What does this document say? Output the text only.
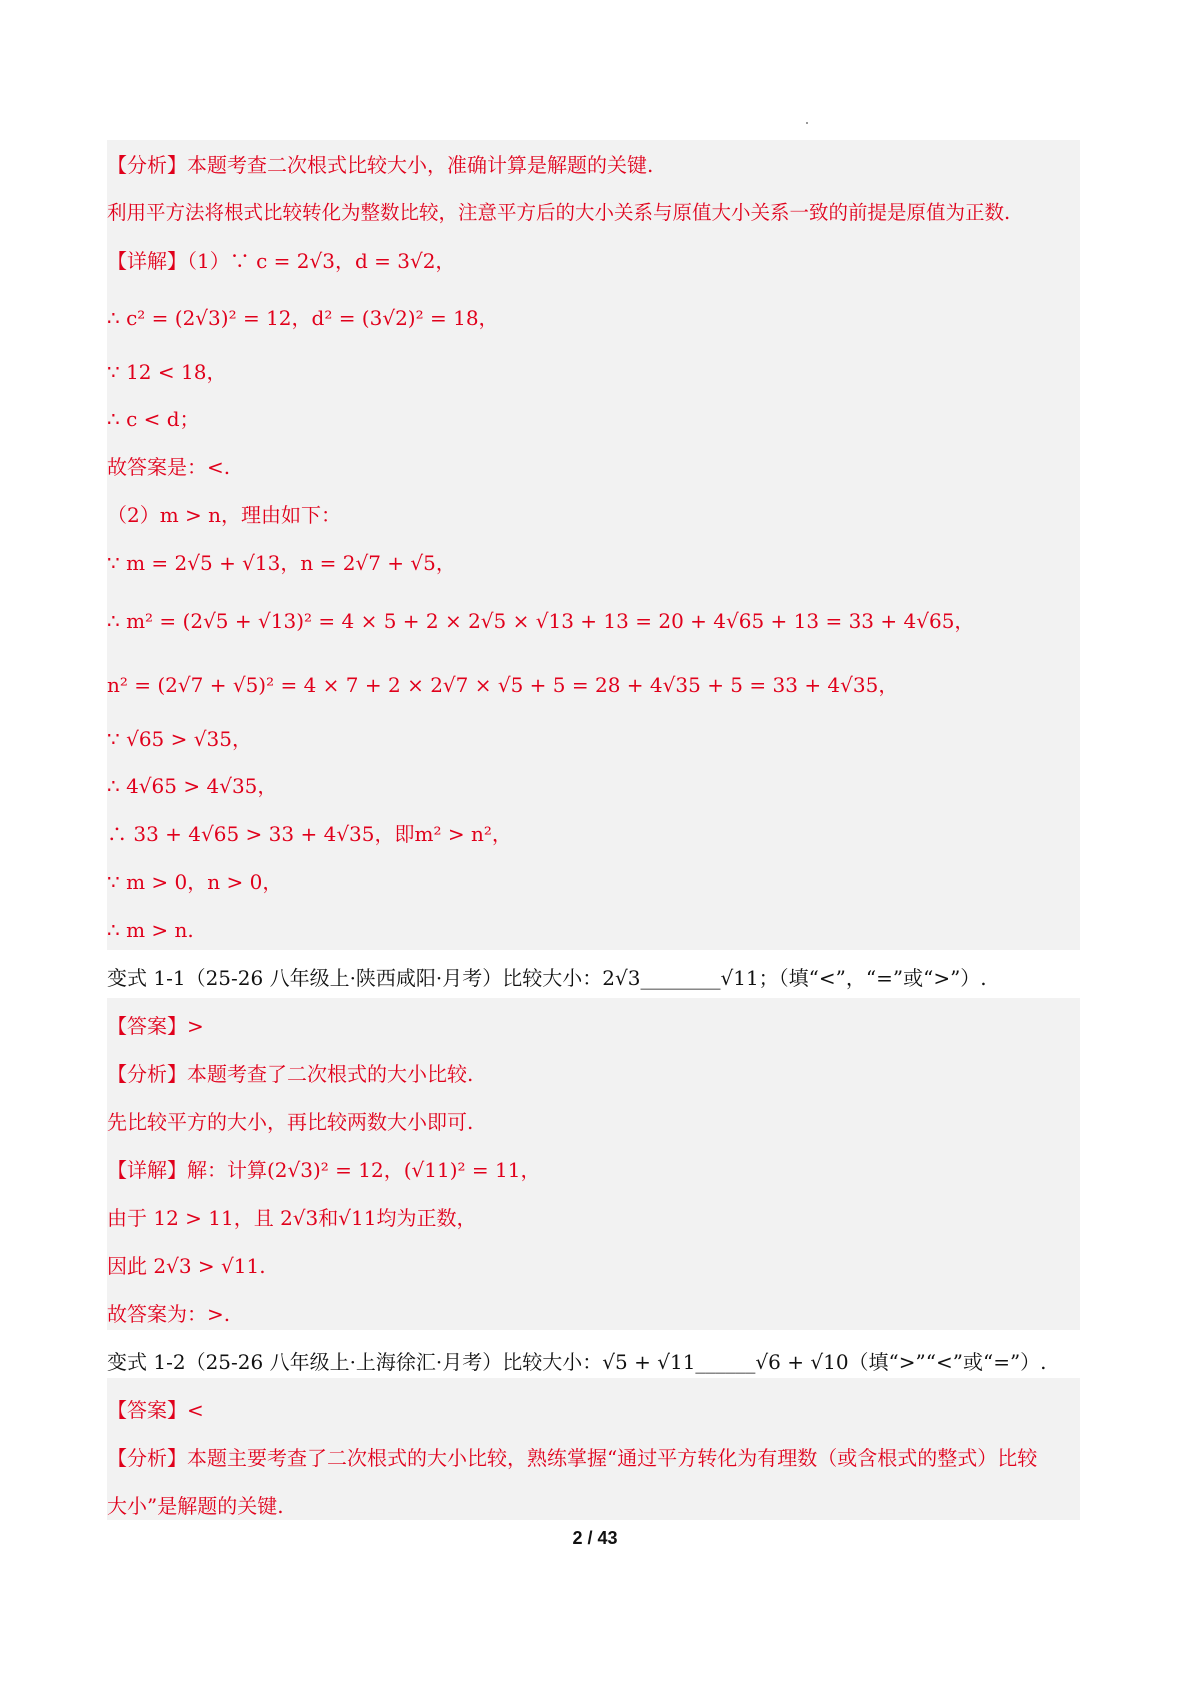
【分析】本题考查二次根式比较大小，准确计算是解题的关键.
利用平方法将根式比较转化为整数比较，注意平方后的大小关系与原值大小关系一致的前提是原值为正数.
【详解】（1）∵ c = 2√3，d = 3√2，
∴ c² = (2√3)² = 12，d² = (3√2)² = 18，
∵ 12 < 18，
∴ c < d；
故答案是：<.
（2）m > n，理由如下：
∵ m = 2√5 + √13，n = 2√7 + √5，
∴ m² = (2√5 + √13)² = 4 × 5 + 2 × 2√5 × √13 + 13 = 20 + 4√65 + 13 = 33 + 4√65，
n² = (2√7 + √5)² = 4 × 7 + 2 × 2√7 × √5 + 5 = 28 + 4√35 + 5 = 33 + 4√35，
∵ √65 > √35，
∴ 4√65 > 4√35，
∴ 33 + 4√65 > 33 + 4√35，即m² > n²，
∵ m > 0，n > 0，
∴ m > n.
变式 1-1（25-26 八年级上·陕西咸阳·月考）比较大小：2√3________√11；（填“<”，“=”或“>”）.
【答案】>
【分析】本题考查了二次根式的大小比较.
先比较平方的大小，再比较两数大小即可.
【详解】解：计算(2√3)² = 12，(√11)² = 11，
由于 12 > 11，且 2√3和√11均为正数，
因此 2√3 > √11.
故答案为：>.
变式 1-2（25-26 八年级上·上海徐汇·月考）比较大小：√5 + √11______√6 + √10（填“>”“<”或“=”）.
【答案】<
【分析】本题主要考查了二次根式的大小比较，熟练掌握“通过平方转化为有理数（或含根式的整式）比较
大小”是解题的关键.
2 / 43
